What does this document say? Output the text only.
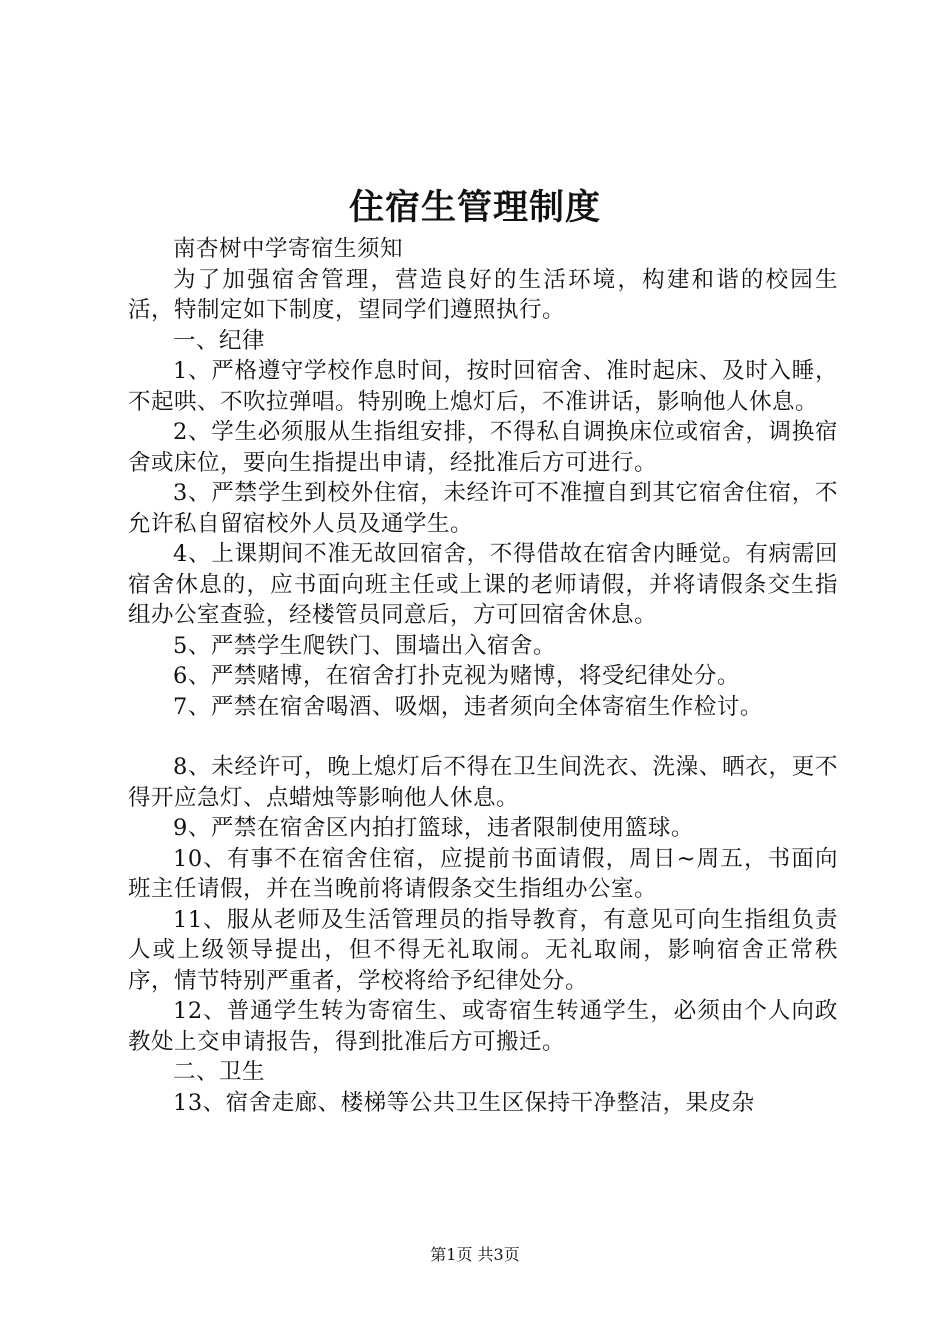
住宿生管理制度

南杏树中学寄宿生须知

为了加强宿舍管理，营造良好的生活环境，构建和谐的校园生活，特制定如下制度，望同学们遵照执行。

一、纪律

1、严格遵守学校作息时间，按时回宿舍、准时起床、及时入睡，不起哄、不吹拉弹唱。特别晚上熄灯后，不准讲话，影响他人休息。

2、学生必须服从生指组安排，不得私自调换床位或宿舍，调换宿舍或床位，要向生指提出申请，经批准后方可进行。

3、严禁学生到校外住宿，未经许可不准擅自到其它宿舍住宿，不允许私自留宿校外人员及通学生。

4、上课期间不准无故回宿舍，不得借故在宿舍内睡觉。有病需回宿舍休息的，应书面向班主任或上课的老师请假，并将请假条交生指组办公室查验，经楼管员同意后，方可回宿舍休息。

5、严禁学生爬铁门、围墙出入宿舍。

6、严禁赌博，在宿舍打扑克视为赌博，将受纪律处分。

7、严禁在宿舍喝酒、吸烟，违者须向全体寄宿生作检讨。

8、未经许可，晚上熄灯后不得在卫生间洗衣、洗澡、晒衣，更不得开应急灯、点蜡烛等影响他人休息。

9、严禁在宿舍区内拍打篮球，违者限制使用篮球。

10、有事不在宿舍住宿，应提前书面请假，周日~周五，书面向班主任请假，并在当晚前将请假条交生指组办公室。

11、服从老师及生活管理员的指导教育，有意见可向生指组负责人或上级领导提出，但不得无礼取闹。无礼取闹，影响宿舍正常秩序，情节特别严重者，学校将给予纪律处分。

12、普通学生转为寄宿生、或寄宿生转通学生，必须由个人向政教处上交申请报告，得到批准后方可搬迁。

二、卫生

13、宿舍走廊、楼梯等公共卫生区保持干净整洁，果皮杂

第1页 共3页
